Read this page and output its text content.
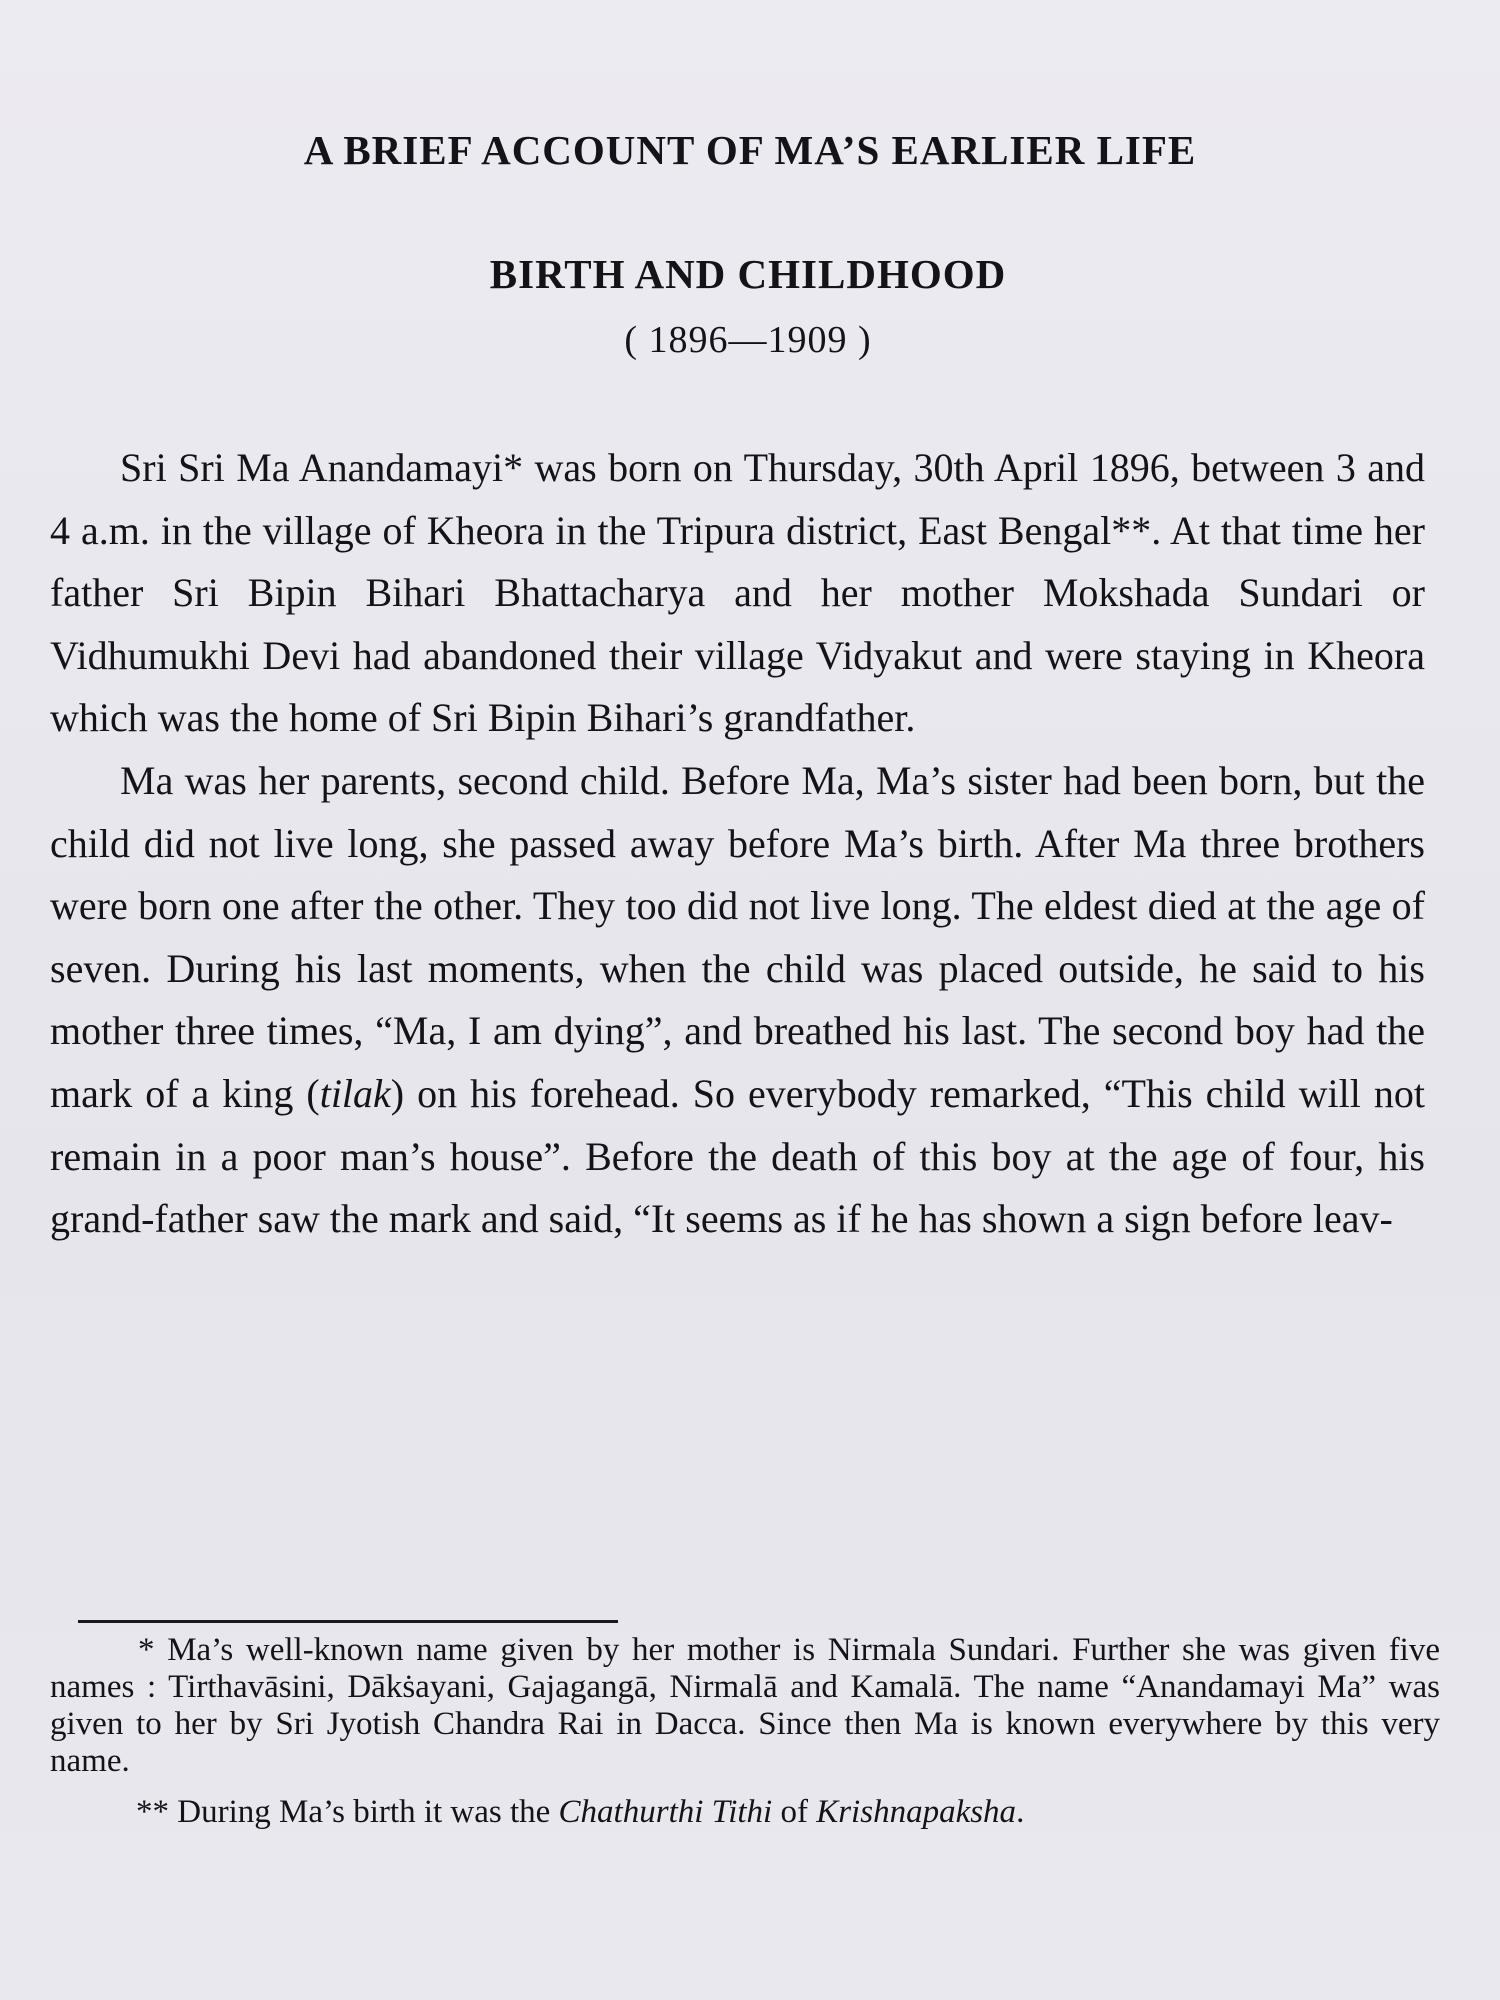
A BRIEF ACCOUNT OF MA’S EARLIER LIFE
BIRTH AND CHILDHOOD
( 1896—1909 )

Sri Sri Ma Anandamayi* was born on Thursday, 30th April 1896, between 3 and 4 a.m. in the village of Kheora in the Tripura district, East Bengal**. At that time her father Sri Bipin Bihari Bhattacharya and her mother Mokshada Sundari or Vidhumukhi Devi had abandoned their village Vidyakut and were staying in Kheora which was the home of Sri Bipin Bihari’s grandfather.

Ma was her parents, second child. Before Ma, Ma’s sister had been born, but the child did not live long, she passed away before Ma’s birth. After Ma three brothers were born one after the other. They too did not live long. The eldest died at the age of seven. During his last moments, when the child was placed outside, he said to his mother three times, “Ma, I am dying”, and breathed his last. The second boy had the mark of a king (tilak) on his forehead. So everybody remarked, “This child will not remain in a poor man’s house”. Before the death of this boy at the age of four, his grand-father saw the mark and said, “It seems as if he has shown a sign before leav-

* Ma’s well-known name given by her mother is Nirmala Sundari. Further she was given five names : Tirthavāsini, Dākṡayani, Gajagangā, Nirmalā and Kamalā. The name “Anandamayi Ma” was given to her by Sri Jyotish Chandra Rai in Dacca. Since then Ma is known everywhere by this very name.

** During Ma’s birth it was the Chathurthi Tithi of Krishnapaksha.
